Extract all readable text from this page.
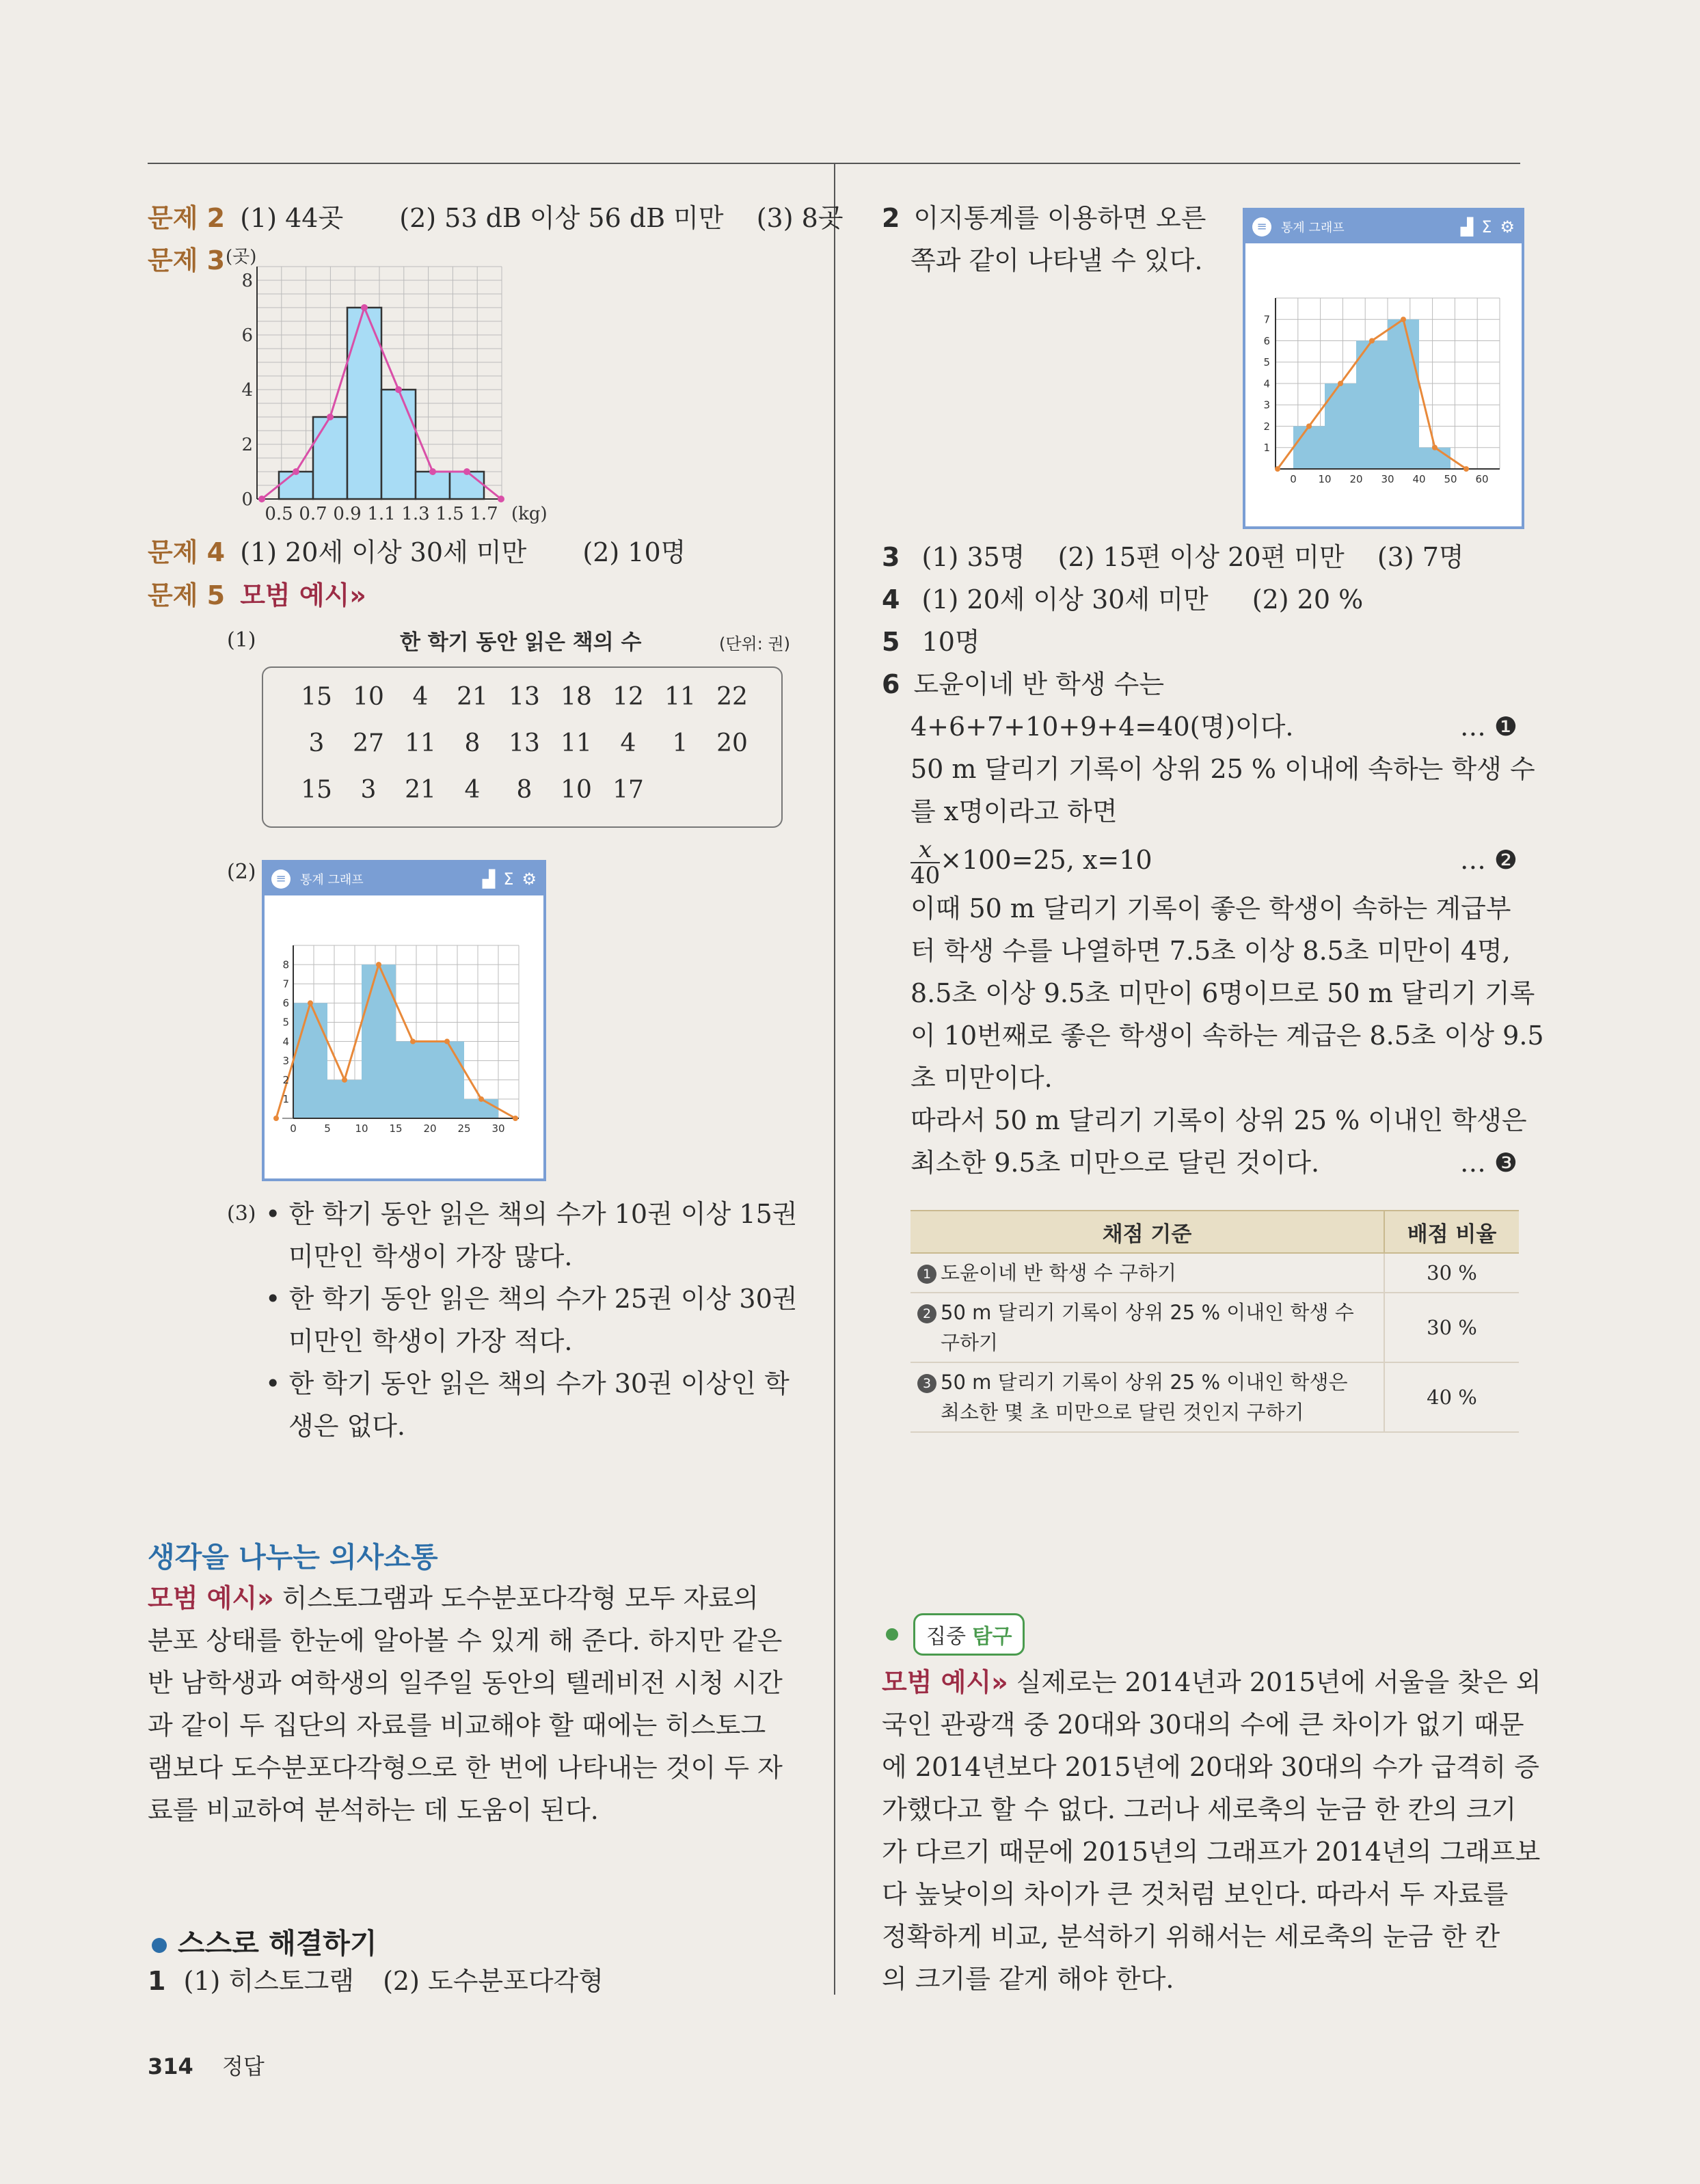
문제 2 (1) 44곳 (2) 53 dB 이상 56 dB 미만 (3) 8곳
문제 3
0.5 0.7 0.9 1.1 1.3 1.5 1.7
0
2
4
6
8
(곳)
(kg)
문제 4 (1) 20세 이상 30세 미만 (2) 10명
문제 5 모범 예시»
(1)	한 학기 동안 읽은 책의 수	(단위: 권)
15	10	4	21	13	18	12	11	22
3	27	11	8	13	11	4	1	20
15	3	21	4	8	10	17		
(2)	≡	통계 그래프	▟ Σ ⚙
0	5 10 15 20 25 30
1
2
3
4
5
6
7
8
(3) • 한 학기 동안 읽은 책의 수가 10권 이상 15권
미만인 학생이 가장 많다.
• 한 학기 동안 읽은 책의 수가 25권 이상 30권
미만인 학생이 가장 적다.
• 한 학기 동안 읽은 책의 수가 30권 이상인 학
생은 없다.
생각을 나누는 의사소통
모범 예시» 히스토그램과 도수분포다각형 모두 자료의
분포 상태를 한눈에 알아볼 수 있게 해 준다. 하지만 같은
반 남학생과 여학생의 일주일 동안의 텔레비전 시청 시간
과 같이 두 집단의 자료를 비교해야 할 때에는 히스토그
램보다 도수분포다각형으로 한 번에 나타내는 것이 두 자
료를 비교하여 분석하는 데 도움이 된다.
스스로 해결하기
1 (1) 히스토그램 (2) 도수분포다각형
314 정답
2 이지통계를 이용하면 오른
쪽과 같이 나타낼 수 있다.
≡	통계 그래프	▟ Σ ⚙
0 10 20 30 40 50 60
1
2
3
4
5
6
7
3 (1) 35명 (2) 15편 이상 20편 미만 (3) 7명
4 (1) 20세 이상 30세 미만 (2) 20 %
5 10명
6 도윤이네 반 학생 수는
4+6+7+10+9+4=40(명)이다.	… ❶
50 m 달리기 기록이 상위 25 % 이내에 속하는 학생 수
를 x명이라고 하면
$\frac{x}{40} \times 100=25$, x=10	… ❷
이때 50 m 달리기 기록이 좋은 학생이 속하는 계급부
터 학생 수를 나열하면 7.5초 이상 8.5초 미만이 4명,
8.5초 이상 9.5초 미만이 6명이므로 50 m 달리기 기록
이 10번째로 좋은 학생이 속하는 계급은 8.5초 이상 9.5
초 미만이다.
따라서 50 m 달리기 기록이 상위 25 % 이내인 학생은
최소한 9.5초 미만으로 달린 것이다.	… ❸
채점 기준	배점 비율
1 도윤이네 반 학생 수 구하기	30 %
2 50 m 달리기 기록이 상위 25 % 이내인 학생 수
구하기	30 %
3 50 m 달리기 기록이 상위 25 % 이내인 학생은
최소한 몇 초 미만으로 달린 것인지 구하기	40 %
집중 탐구
모범 예시» 실제로는 2014년과 2015년에 서울을 찾은 외
국인 관광객 중 20대와 30대의 수에 큰 차이가 없기 때문
에 2014년보다 2015년에 20대와 30대의 수가 급격히 증
가했다고 할 수 없다. 그러나 세로축의 눈금 한 칸의 크기
가 다르기 때문에 2015년의 그래프가 2014년의 그래프보
다 높낮이의 차이가 큰 것처럼 보인다. 따라서 두 자료를
정확하게 비교, 분석하기 위해서는 세로축의 눈금 한 칸
의 크기를 같게 해야 한다.
